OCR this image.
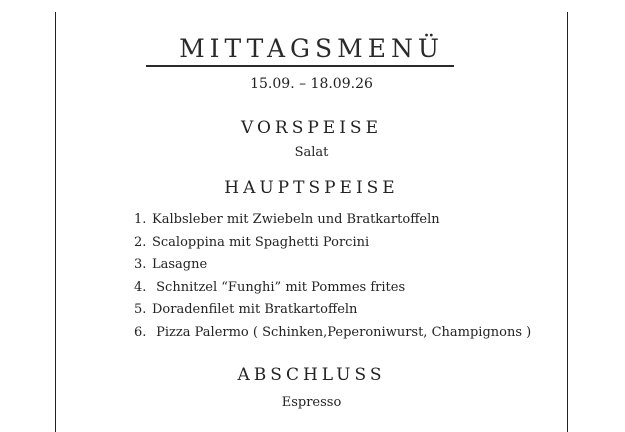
MITTAGSMENÜ
15.09. – 18.09.26
VORSPEISE
Salat
HAUPTSPEISE
1. Kalbsleber mit Zwiebeln und Bratkartoffeln
2. Scaloppina mit Spaghetti Porcini
3. Lasagne
4. Schnitzel “Funghi” mit Pommes frites
5. Doradenfilet mit Bratkartoffeln
6. Pizza Palermo ( Schinken,Peperoniwurst, Champignons )
ABSCHLUSS
Espresso
